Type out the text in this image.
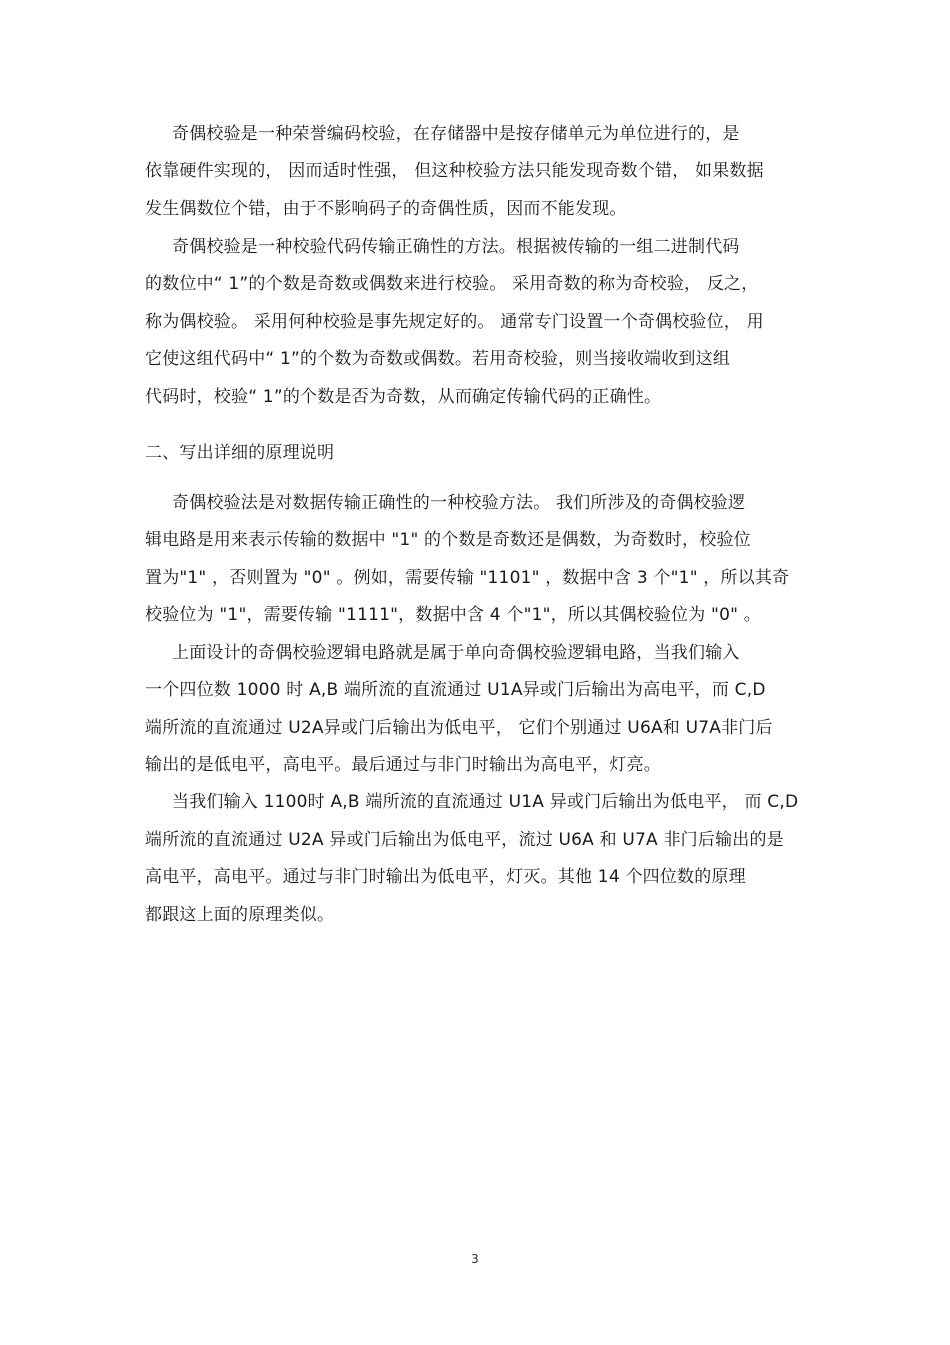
奇偶校验是一种荣誉编码校验，在存储器中是按存储单元为单位进行的，是
依靠硬件实现的， 因而适时性强， 但这种校验方法只能发现奇数个错， 如果数据
发生偶数位个错，由于不影响码子的奇偶性质，因而不能发现。
奇偶校验是一种校验代码传输正确性的方法。根据被传输的一组二进制代码
的数位中“ 1”的个数是奇数或偶数来进行校验。 采用奇数的称为奇校验， 反之，
称为偶校验。 采用何种校验是事先规定好的。 通常专门设置一个奇偶校验位， 用
它使这组代码中“ 1”的个数为奇数或偶数。若用奇校验，则当接收端收到这组
代码时，校验“ 1”的个数是否为奇数，从而确定传输代码的正确性。
二、写出详细的原理说明
奇偶校验法是对数据传输正确性的一种校验方法。 我们所涉及的奇偶校验逻
辑电路是用来表示传输的数据中 "1" 的个数是奇数还是偶数，为奇数时，校验位
置为"1" ，否则置为 "0" 。例如，需要传输 "1101" ，数据中含 3 个"1" ，所以其奇
校验位为 "1"，需要传输 "1111"，数据中含 4 个"1"，所以其偶校验位为 "0" 。
上面设计的奇偶校验逻辑电路就是属于单向奇偶校验逻辑电路，当我们输入
一个四位数 1000 时 A,B 端所流的直流通过 U1A异或门后输出为高电平，而 C,D
端所流的直流通过 U2A异或门后输出为低电平， 它们个别通过 U6A和 U7A非门后
输出的是低电平，高电平。最后通过与非门时输出为高电平，灯亮。
当我们输入 1100时 A,B 端所流的直流通过 U1A 异或门后输出为低电平， 而 C,D
端所流的直流通过 U2A 异或门后输出为低电平，流过 U6A 和 U7A 非门后输出的是
高电平，高电平。通过与非门时输出为低电平，灯灭。其他 14 个四位数的原理
都跟这上面的原理类似。
3
